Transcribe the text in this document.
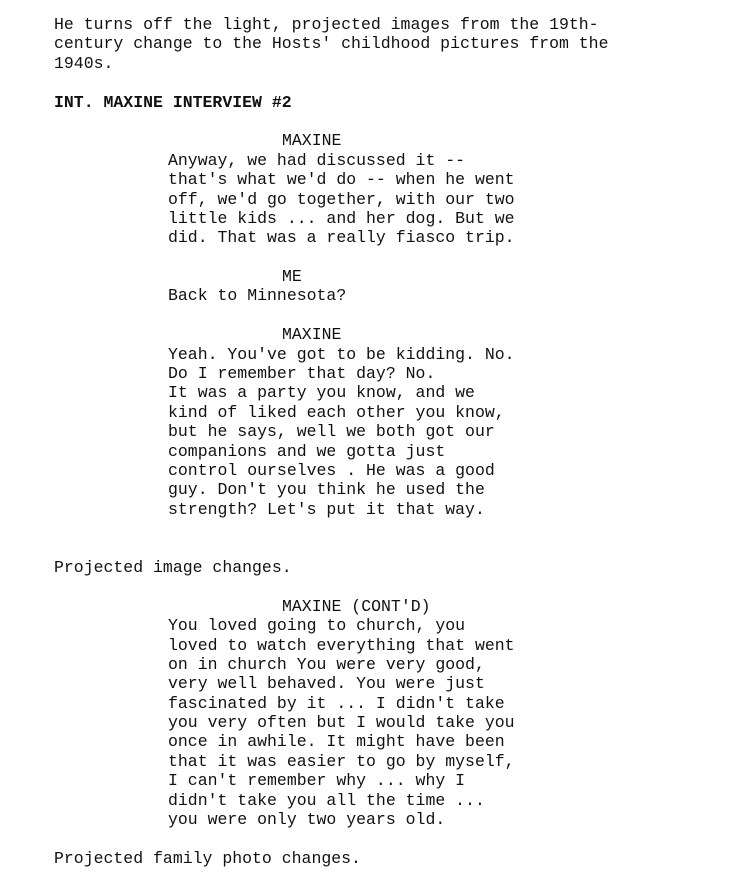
He turns off the light, projected images from the 19th-
century change to the Hosts' childhood pictures from the
1940s.
INT. MAXINE INTERVIEW #2
MAXINE
Anyway, we had discussed it --
that's what we'd do -- when he went
off, we'd go together, with our two
little kids ... and her dog. But we
did. That was a really fiasco trip.
ME
Back to Minnesota?
MAXINE
Yeah. You've got to be kidding. No.
Do I remember that day? No.
It was a party you know, and we
kind of liked each other you know,
but he says, well we both got our
companions and we gotta just
control ourselves . He was a good
guy. Don't you think he used the
strength? Let's put it that way.
Projected image changes.
MAXINE (CONT'D)
You loved going to church, you
loved to watch everything that went
on in church You were very good,
very well behaved. You were just
fascinated by it ... I didn't take
you very often but I would take you
once in awhile. It might have been
that it was easier to go by myself,
I can't remember why ... why I
didn't take you all the time ...
you were only two years old.
Projected family photo changes.
